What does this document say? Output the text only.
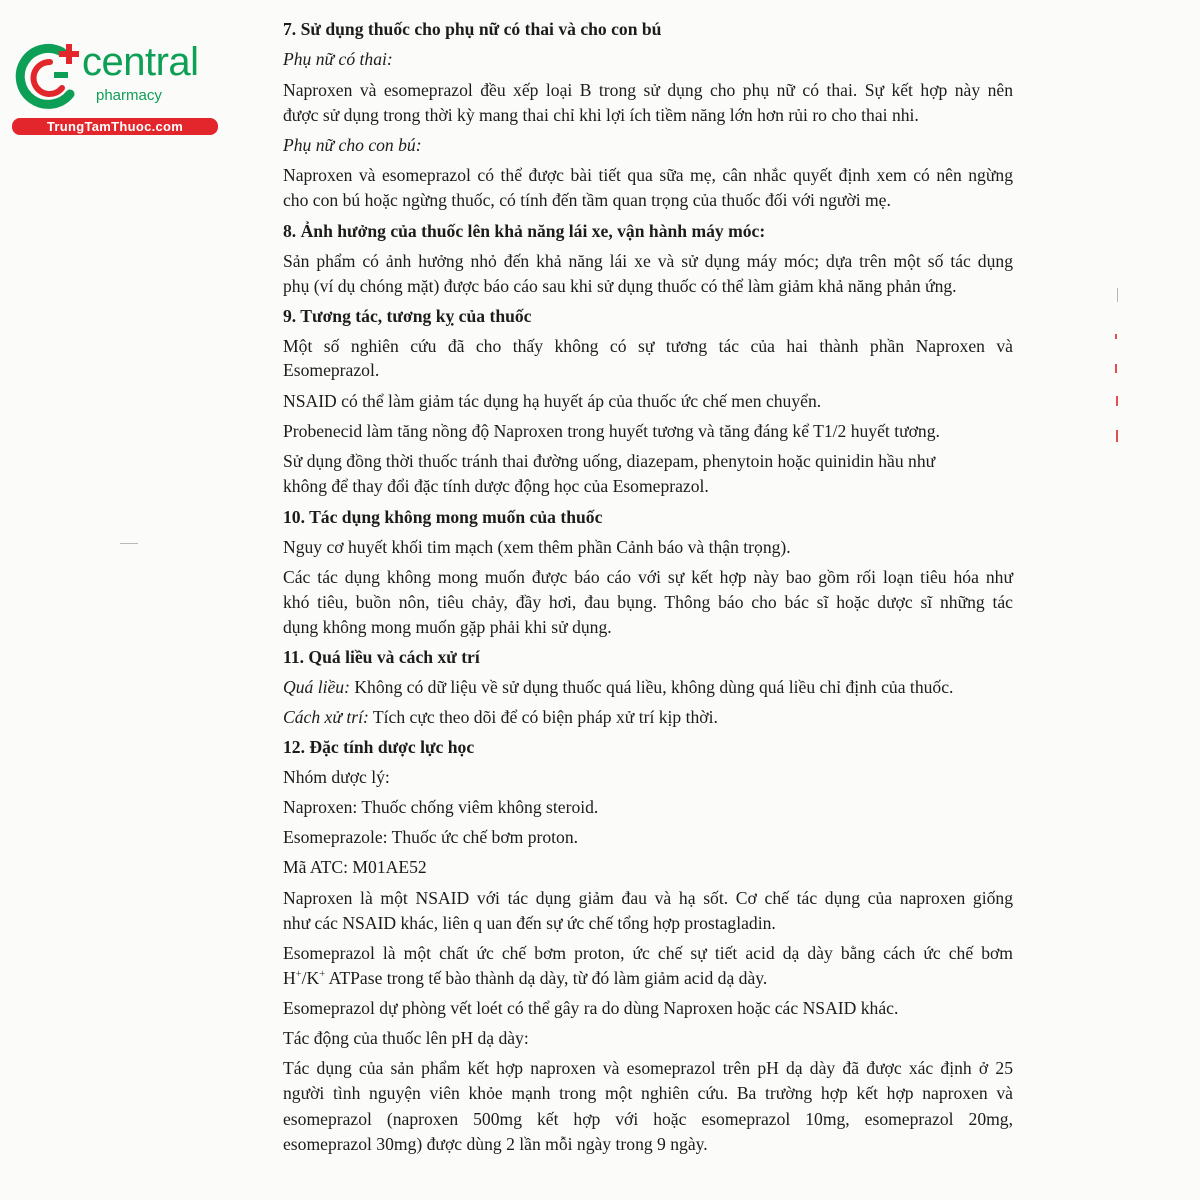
central
pharmacy
TrungTamThuoc.com
7. Sử dụng thuốc cho phụ nữ có thai và cho con bú
Phụ nữ có thai:
Naproxen và esomeprazol đều xếp loại B trong sử dụng cho phụ nữ có thai. Sự kết hợp này nên
được sử dụng trong thời kỳ mang thai chỉ khi lợi ích tiềm năng lớn hơn rủi ro cho thai nhi.
Phụ nữ cho con bú:
Naproxen và esomeprazol có thể được bài tiết qua sữa mẹ, cân nhắc quyết định xem có nên ngừng
cho con bú hoặc ngừng thuốc, có tính đến tầm quan trọng của thuốc đối với người mẹ.
8. Ảnh hưởng của thuốc lên khả năng lái xe, vận hành máy móc:
Sản phẩm có ảnh hưởng nhỏ đến khả năng lái xe và sử dụng máy móc; dựa trên một số tác dụng
phụ (ví dụ chóng mặt) được báo cáo sau khi sử dụng thuốc có thể làm giảm khả năng phản ứng.
9. Tương tác, tương kỵ của thuốc
Một số nghiên cứu đã cho thấy không có sự tương tác của hai thành phần Naproxen và
Esomeprazol.
NSAID có thể làm giảm tác dụng hạ huyết áp của thuốc ức chế men chuyển.
Probenecid làm tăng nồng độ Naproxen trong huyết tương và tăng đáng kể T1/2 huyết tương.
Sử dụng đồng thời thuốc tránh thai đường uống, diazepam, phenytoin hoặc quinidin hầu như
không để thay đổi đặc tính dược động học của Esomeprazol.
10. Tác dụng không mong muốn của thuốc
Nguy cơ huyết khối tim mạch (xem thêm phần Cảnh báo và thận trọng).
Các tác dụng không mong muốn được báo cáo với sự kết hợp này bao gồm rối loạn tiêu hóa như
khó tiêu, buồn nôn, tiêu chảy, đầy hơi, đau bụng. Thông báo cho bác sĩ hoặc dược sĩ những tác
dụng không mong muốn gặp phải khi sử dụng.
11. Quá liều và cách xử trí
Quá liều: Không có dữ liệu về sử dụng thuốc quá liều, không dùng quá liều chỉ định của thuốc.
Cách xử trí: Tích cực theo dõi để có biện pháp xử trí kịp thời.
12. Đặc tính dược lực học
Nhóm dược lý:
Naproxen: Thuốc chống viêm không steroid.
Esomeprazole: Thuốc ức chế bơm proton.
Mã ATC: M01AE52
Naproxen là một NSAID với tác dụng giảm đau và hạ sốt. Cơ chế tác dụng của naproxen giống
như các NSAID khác, liên q uan đến sự ức chế tổng hợp prostagladin.
Esomeprazol là một chất ức chế bơm proton, ức chế sự tiết acid dạ dày bằng cách ức chế bơm
H+/K+ ATPase trong tế bào thành dạ dày, từ đó làm giảm acid dạ dày.
Esomeprazol dự phòng vết loét có thể gây ra do dùng Naproxen hoặc các NSAID khác.
Tác động của thuốc lên pH dạ dày:
Tác dụng của sản phẩm kết hợp naproxen và esomeprazol trên pH dạ dày đã được xác định ở 25
người tình nguyện viên khỏe mạnh trong một nghiên cứu. Ba trường hợp kết hợp naproxen và
esomeprazol (naproxen 500mg kết hợp với hoặc esomeprazol 10mg, esomeprazol 20mg,
esomeprazol 30mg) được dùng 2 lần mỗi ngày trong 9 ngày.
